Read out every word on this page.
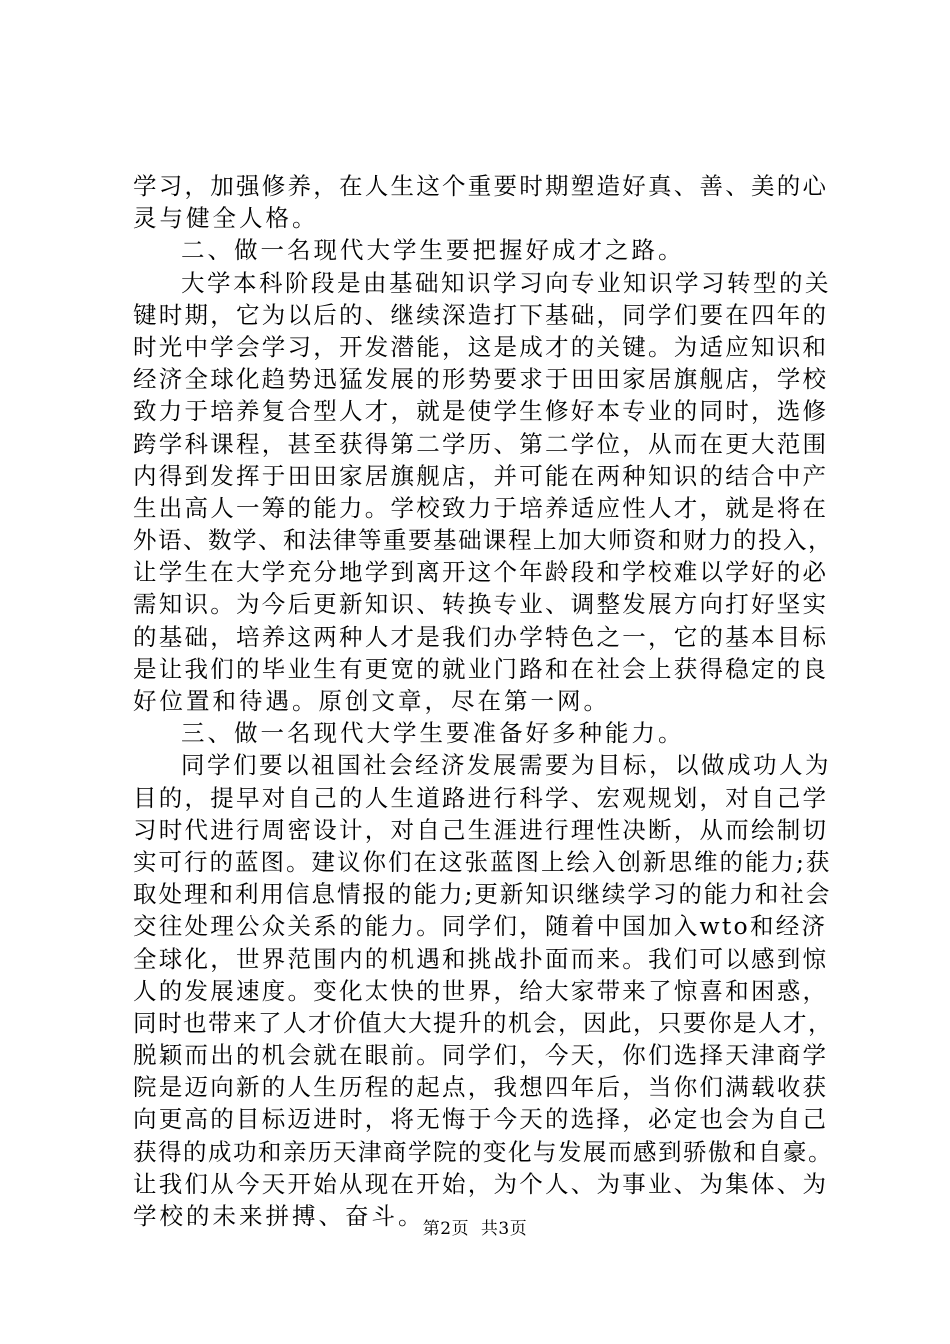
学习，加强修养，在人生这个重要时期塑造好真、善、美的心
灵与健全人格。
二、做一名现代大学生要把握好成才之路。
大学本科阶段是由基础知识学习向专业知识学习转型的关
键时期，它为以后的、继续深造打下基础，同学们要在四年的
时光中学会学习，开发潜能，这是成才的关键。为适应知识和
经济全球化趋势迅猛发展的形势要求于田田家居旗舰店，学校
致力于培养复合型人才，就是使学生修好本专业的同时，选修
跨学科课程，甚至获得第二学历、第二学位，从而在更大范围
内得到发挥于田田家居旗舰店，并可能在两种知识的结合中产
生出高人一筹的能力。学校致力于培养适应性人才，就是将在
外语、数学、和法律等重要基础课程上加大师资和财力的投入，
让学生在大学充分地学到离开这个年龄段和学校难以学好的必
需知识。为今后更新知识、转换专业、调整发展方向打好坚实
的基础，培养这两种人才是我们办学特色之一，它的基本目标
是让我们的毕业生有更宽的就业门路和在社会上获得稳定的良
好位置和待遇。原创文章，尽在第一网。
三、做一名现代大学生要准备好多种能力。
同学们要以祖国社会经济发展需要为目标，以做成功人为
目的，提早对自己的人生道路进行科学、宏观规划，对自己学
习时代进行周密设计，对自己生涯进行理性决断，从而绘制切
实可行的蓝图。建议你们在这张蓝图上绘入创新思维的能力;获
取处理和利用信息情报的能力;更新知识继续学习的能力和社会
交往处理公众关系的能力。同学们，随着中国加入wto和经济
全球化，世界范围内的机遇和挑战扑面而来。我们可以感到惊
人的发展速度。变化太快的世界，给大家带来了惊喜和困惑，
同时也带来了人才价值大大提升的机会，因此，只要你是人才，
脱颖而出的机会就在眼前。同学们，今天，你们选择天津商学
院是迈向新的人生历程的起点，我想四年后，当你们满载收获
向更高的目标迈进时，将无悔于今天的选择，必定也会为自己
获得的成功和亲历天津商学院的变化与发展而感到骄傲和自豪。
让我们从今天开始从现在开始，为个人、为事业、为集体、为
学校的未来拼搏、奋斗。
第2页  共3页
